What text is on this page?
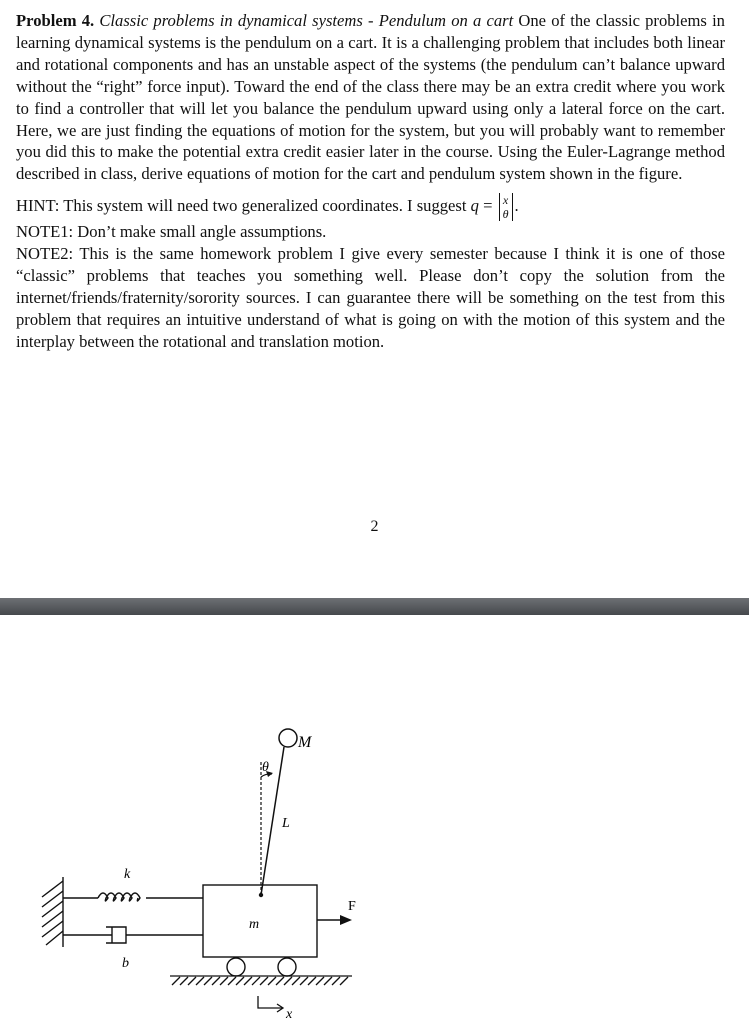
Problem 4. Classic problems in dynamical systems - Pendulum on a cart One of the classic problems in learning dynamical systems is the pendulum on a cart. It is a challenging problem that includes both linear and rotational components and has an unstable aspect of the systems (the pendulum can’t balance upward without the “right” force input). Toward the end of the class there may be an extra credit where you work to find a controller that will let you balance the pendulum upward using only a lateral force on the cart. Here, we are just finding the equations of motion for the system, but you will probably want to remember you did this to make the potential extra credit easier later in the course. Using the Euler-Lagrange method described in class, derive equations of motion for the cart and pendulum system shown in the figure.

HINT: This system will need two generalized coordinates. I suggest q = x
θ .

NOTE1: Don’t make small angle assumptions.

NOTE2: This is the same homework problem I give every semester because I think it is one of those “classic” problems that teaches you something well. Please don’t copy the solution from the internet/friends/fraternity/sorority sources. I can guarantee there will be something on the test from this problem that requires an intuitive understand of what is going on with the motion of this system and the interplay between the rotational and translation motion.

2
k
b
m
x
F
θ
L
M
